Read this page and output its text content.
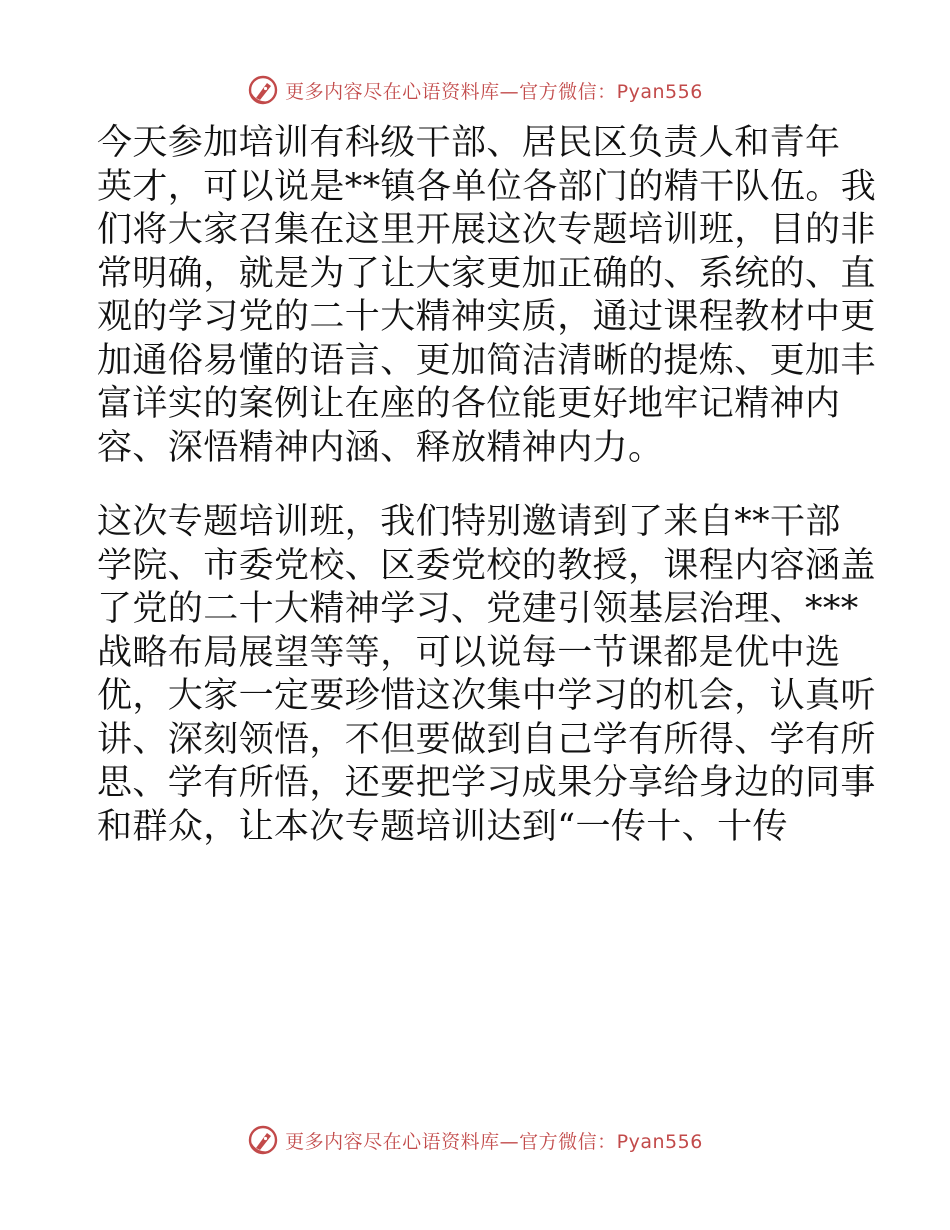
更多内容尽在心语资料库—官方微信：Pyan556

今天参加培训有科级干部、居民区负责人和青年
英才，可以说是**镇各单位各部门的精干队伍。我
们将大家召集在这里开展这次专题培训班，目的非
常明确，就是为了让大家更加正确的、系统的、直
观的学习党的二十大精神实质，通过课程教材中更
加通俗易懂的语言、更加简洁清晰的提炼、更加丰
富详实的案例让在座的各位能更好地牢记精神内
容、深悟精神内涵、释放精神内力。

这次专题培训班，我们特别邀请到了来自**干部
学院、市委党校、区委党校的教授，课程内容涵盖
了党的二十大精神学习、党建引领基层治理、***
战略布局展望等等，可以说每一节课都是优中选
优，大家一定要珍惜这次集中学习的机会，认真听
讲、深刻领悟，不但要做到自己学有所得、学有所
思、学有所悟，还要把学习成果分享给身边的同事
和群众，让本次专题培训达到“一传十、十传

更多内容尽在心语资料库—官方微信：Pyan556
